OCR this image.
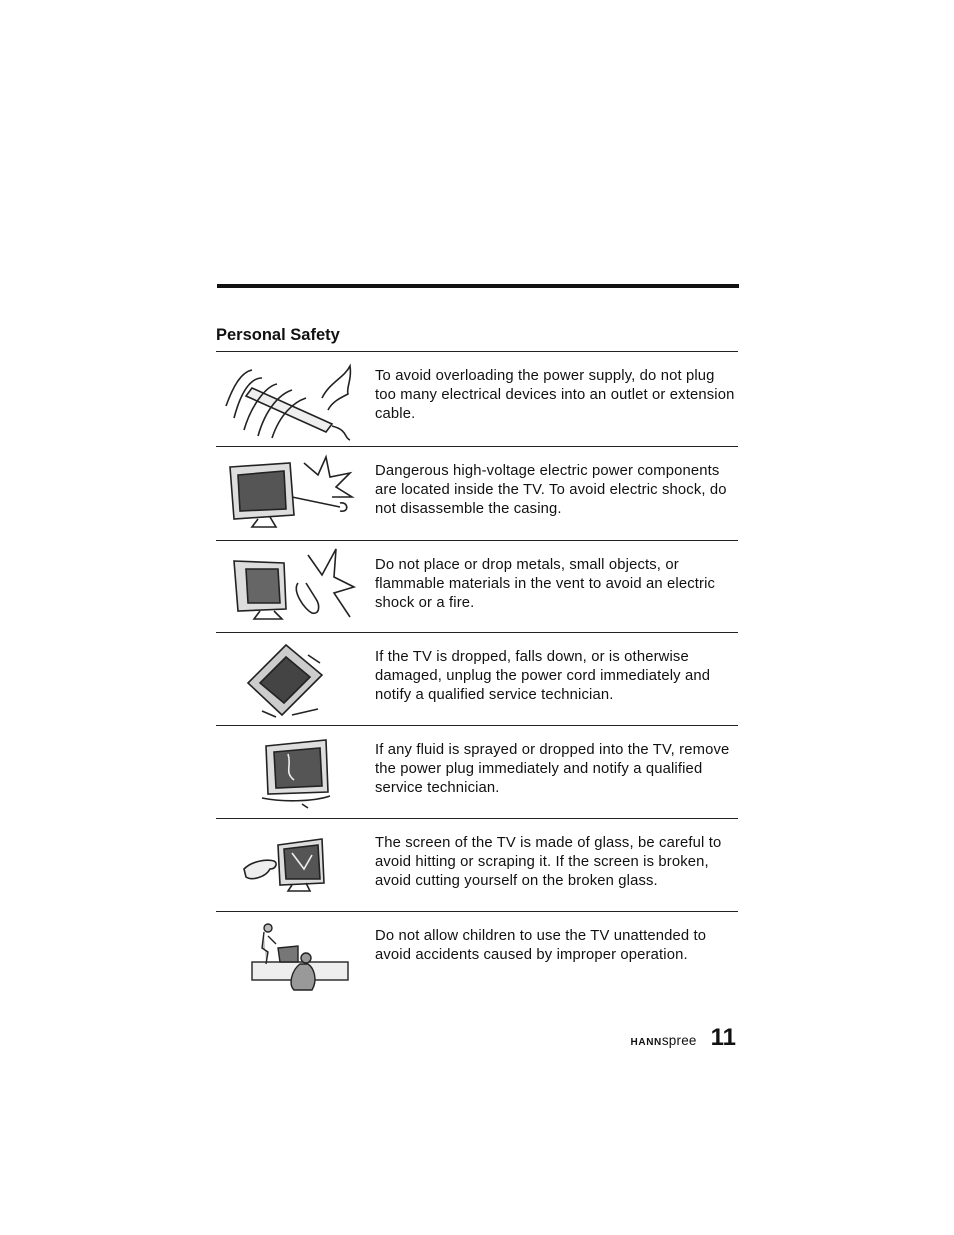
Personal Safety
To avoid overloading the power supply, do not plug too many electrical devices into an outlet or extension cable.
Dangerous high-voltage electric power components are located inside the TV. To avoid electric shock, do not disassemble the casing.
Do not place or drop metals, small objects, or flammable materials in the vent to avoid an electric shock or a fire.
If the TV is dropped, falls down, or is otherwise damaged, unplug the power cord immediately and notify a qualified service technician.
If any fluid is sprayed or dropped into the TV, remove the power plug immediately and notify a qualified service technician.
The screen of the TV is made of glass, be careful to avoid hitting or scraping it. If the screen is broken, avoid cutting yourself on the broken glass.
Do not allow children to use the TV unattended to avoid accidents caused by improper operation.
HANNspree 11
